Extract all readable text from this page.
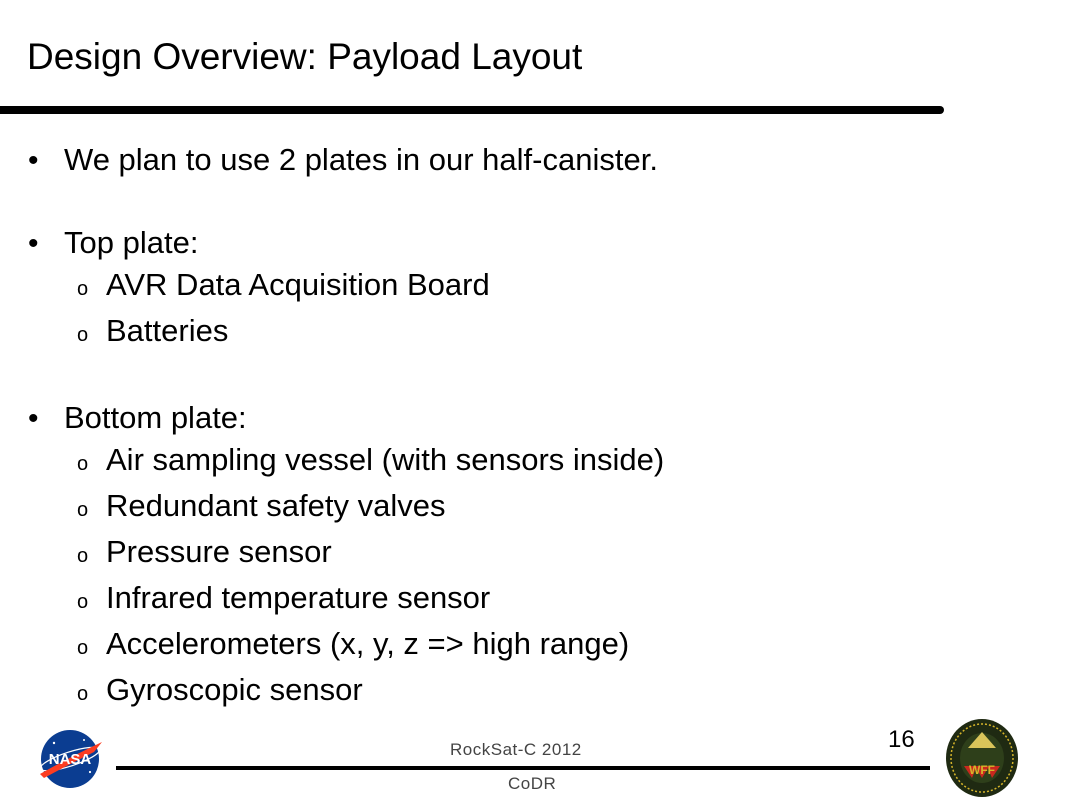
Design Overview: Payload Layout
• We plan to use 2 plates in our half-canister.
• Top plate:
o AVR Data Acquisition Board
o Batteries
• Bottom plate:
o Air sampling vessel (with sensors inside)
o Redundant safety valves
o Pressure sensor
o Infrared temperature sensor
o Accelerometers (x, y, z => high range)
o Gyroscopic sensor
NASA
RockSat-C 2012
CoDR
16
WFF
